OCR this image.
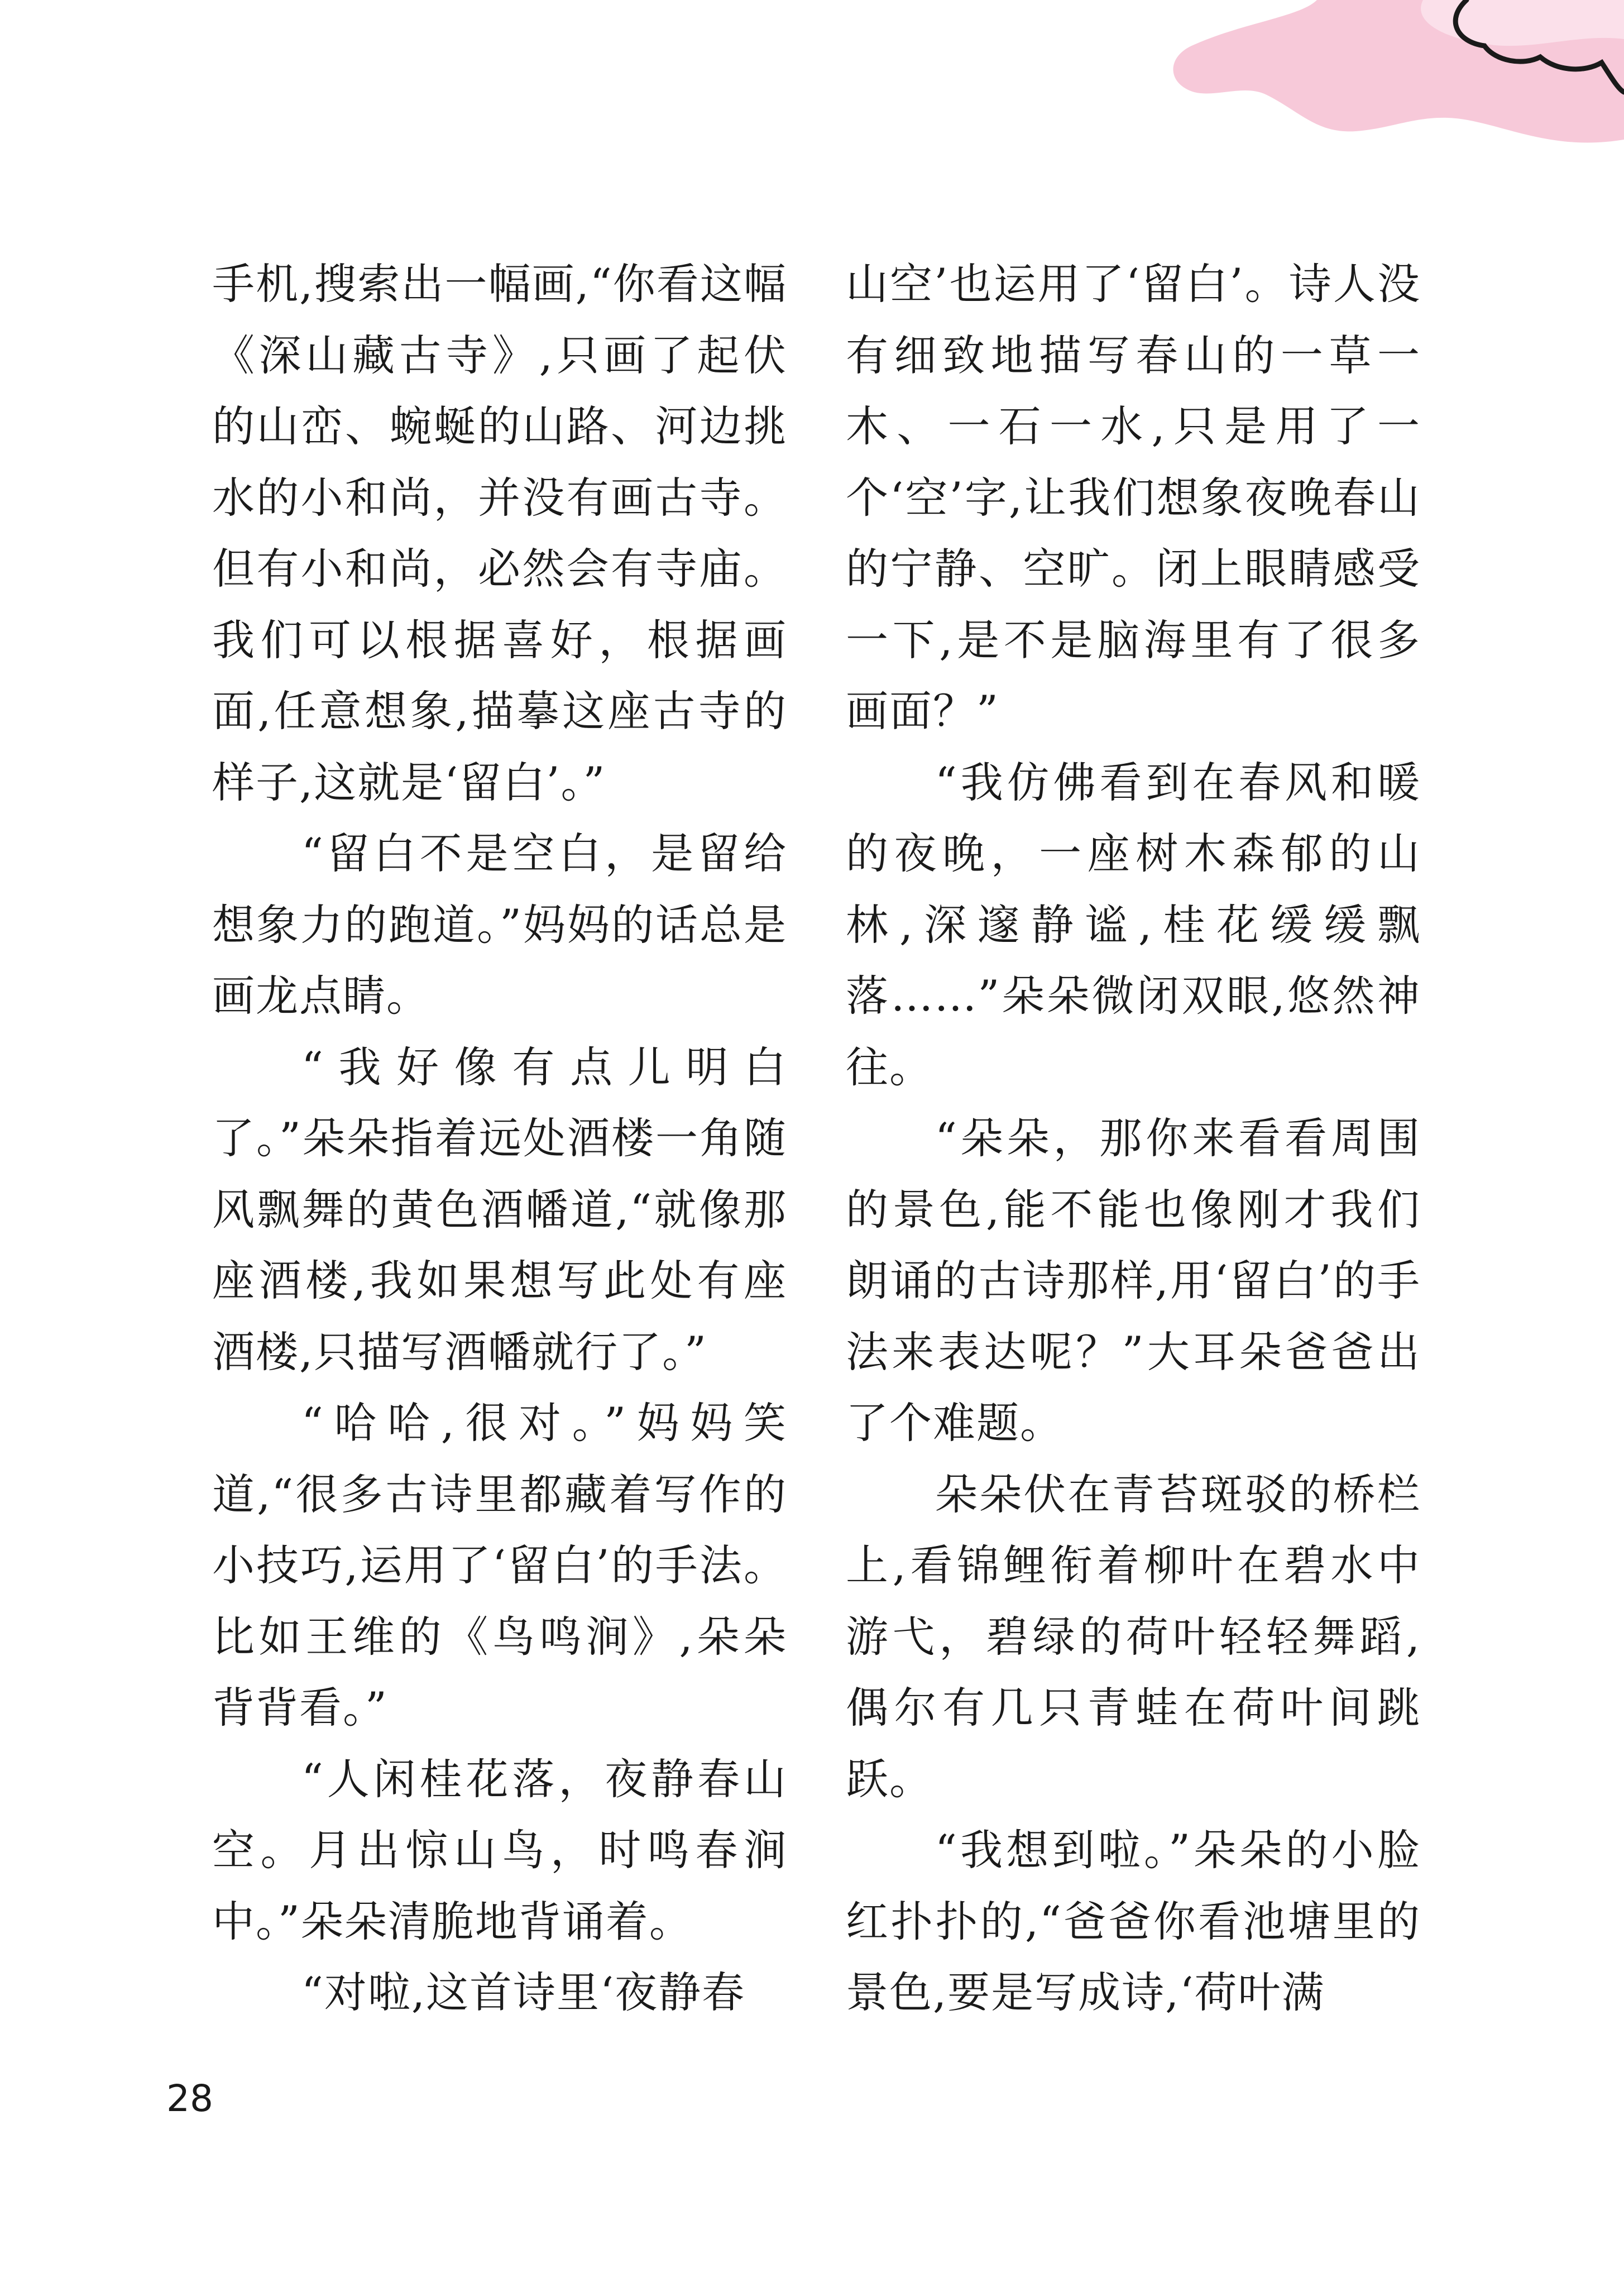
手机,搜索出一幅画,“你看这幅《深山藏古寺》,只画了起伏的山峦、蜿蜒的山路、河边挑水的小和尚，并没有画古寺。但有小和尚，必然会有寺庙。我们可以根据喜好，根据画面,任意想象,描摹这座古寺的样子,这就是‘留白’。”

“留白不是空白，是留给想象力的跑道。”妈妈的话总是画龙点睛。

“我好像有点儿明白了。”朵朵指着远处酒楼一角随风飘舞的黄色酒幡道,“就像那座酒楼,我如果想写此处有座酒楼,只描写酒幡就行了。”

“哈哈,很对。”妈妈笑道,“很多古诗里都藏着写作的小技巧,运用了‘留白’的手法。比如王维的《鸟鸣涧》,朵朵背背看。”

“人闲桂花落，夜静春山空。月出惊山鸟，时鸣春涧中。”朵朵清脆地背诵着。

“对啦,这首诗里‘夜静春

山空’也运用了‘留白’。诗人没有细致地描写春山的一草一木、一石一水,只是用了一个‘空’字,让我们想象夜晚春山的宁静、空旷。闭上眼睛感受一下,是不是脑海里有了很多画面？”

“我仿佛看到在春风和暖的夜晚，一座树木森郁的山林,深邃静谧,桂花缓缓飘落……”朵朵微闭双眼,悠然神往。

“朵朵，那你来看看周围的景色,能不能也像刚才我们朗诵的古诗那样,用‘留白’的手法来表达呢？”大耳朵爸爸出了个难题。

朵朵伏在青苔斑驳的桥栏上,看锦鲤衔着柳叶在碧水中游弋，碧绿的荷叶轻轻舞蹈,偶尔有几只青蛙在荷叶间跳跃。

“我想到啦。”朵朵的小脸红扑扑的,“爸爸你看池塘里的景色,要是写成诗,‘荷叶满

28
